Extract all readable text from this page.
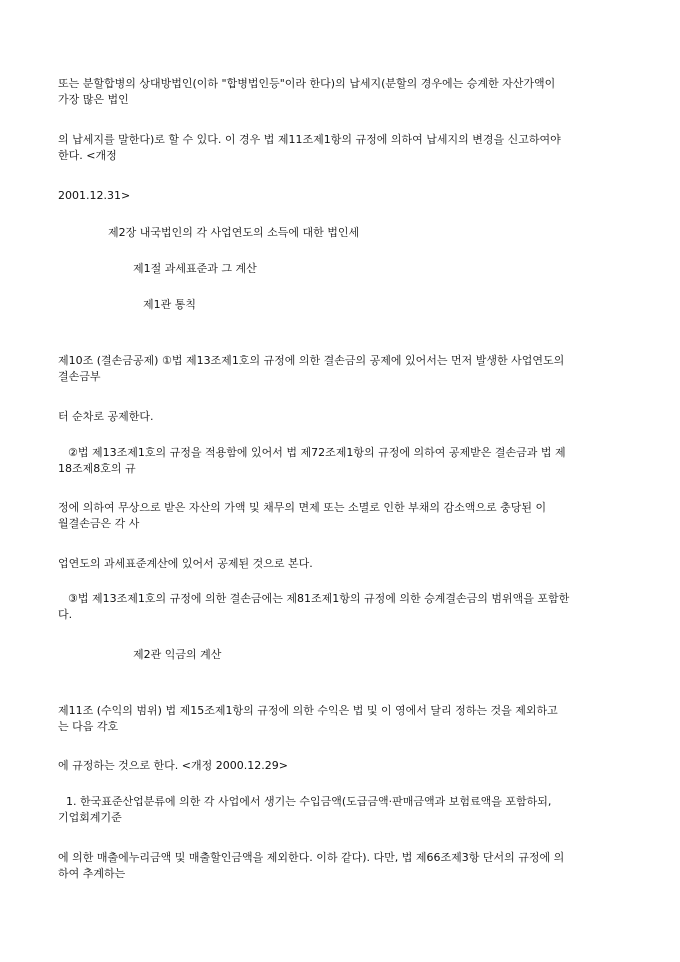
또는 분할합병의 상대방법인(이하 "합병법인등"이라 한다)의 납세지(분할의 경우에는 승계한 자산가액이
가장 많은 법인
의 납세지를 말한다)로 할 수 있다. 이 경우 법 제11조제1항의 규정에 의하여 납세지의 변경을 신고하여야
한다. <개정
2001.12.31>
제2장 내국법인의 각 사업연도의 소득에 대한 법인세
제1절 과세표준과 그 계산
제1관 통칙
제10조 (결손금공제) ①법 제13조제1호의 규정에 의한 결손금의 공제에 있어서는 먼저 발생한 사업연도의
결손금부
터 순차로 공제한다.
②법 제13조제1호의 규정을 적용함에 있어서 법 제72조제1항의 규정에 의하여 공제받은 결손금과 법 제
18조제8호의 규
정에 의하여 무상으로 받은 자산의 가액 및 채무의 면제 또는 소멸로 인한 부채의 감소액으로 충당된 이
월결손금은 각 사
업연도의 과세표준계산에 있어서 공제된 것으로 본다.
③법 제13조제1호의 규정에 의한 결손금에는 제81조제1항의 규정에 의한 승계결손금의 범위액을 포함한
다.
제2관 익금의 계산
제11조 (수익의 범위) 법 제15조제1항의 규정에 의한 수익은 법 및 이 영에서 달리 정하는 것을 제외하고
는 다음 각호
에 규정하는 것으로 한다. <개정 2000.12.29>
1. 한국표준산업분류에 의한 각 사업에서 생기는 수입금액(도급금액·판매금액과 보험료액을 포함하되,
기업회계기준
에 의한 매출에누리금액 및 매출할인금액을 제외한다. 이하 같다). 다만, 법 제66조제3항 단서의 규정에 의
하여 추계하는
